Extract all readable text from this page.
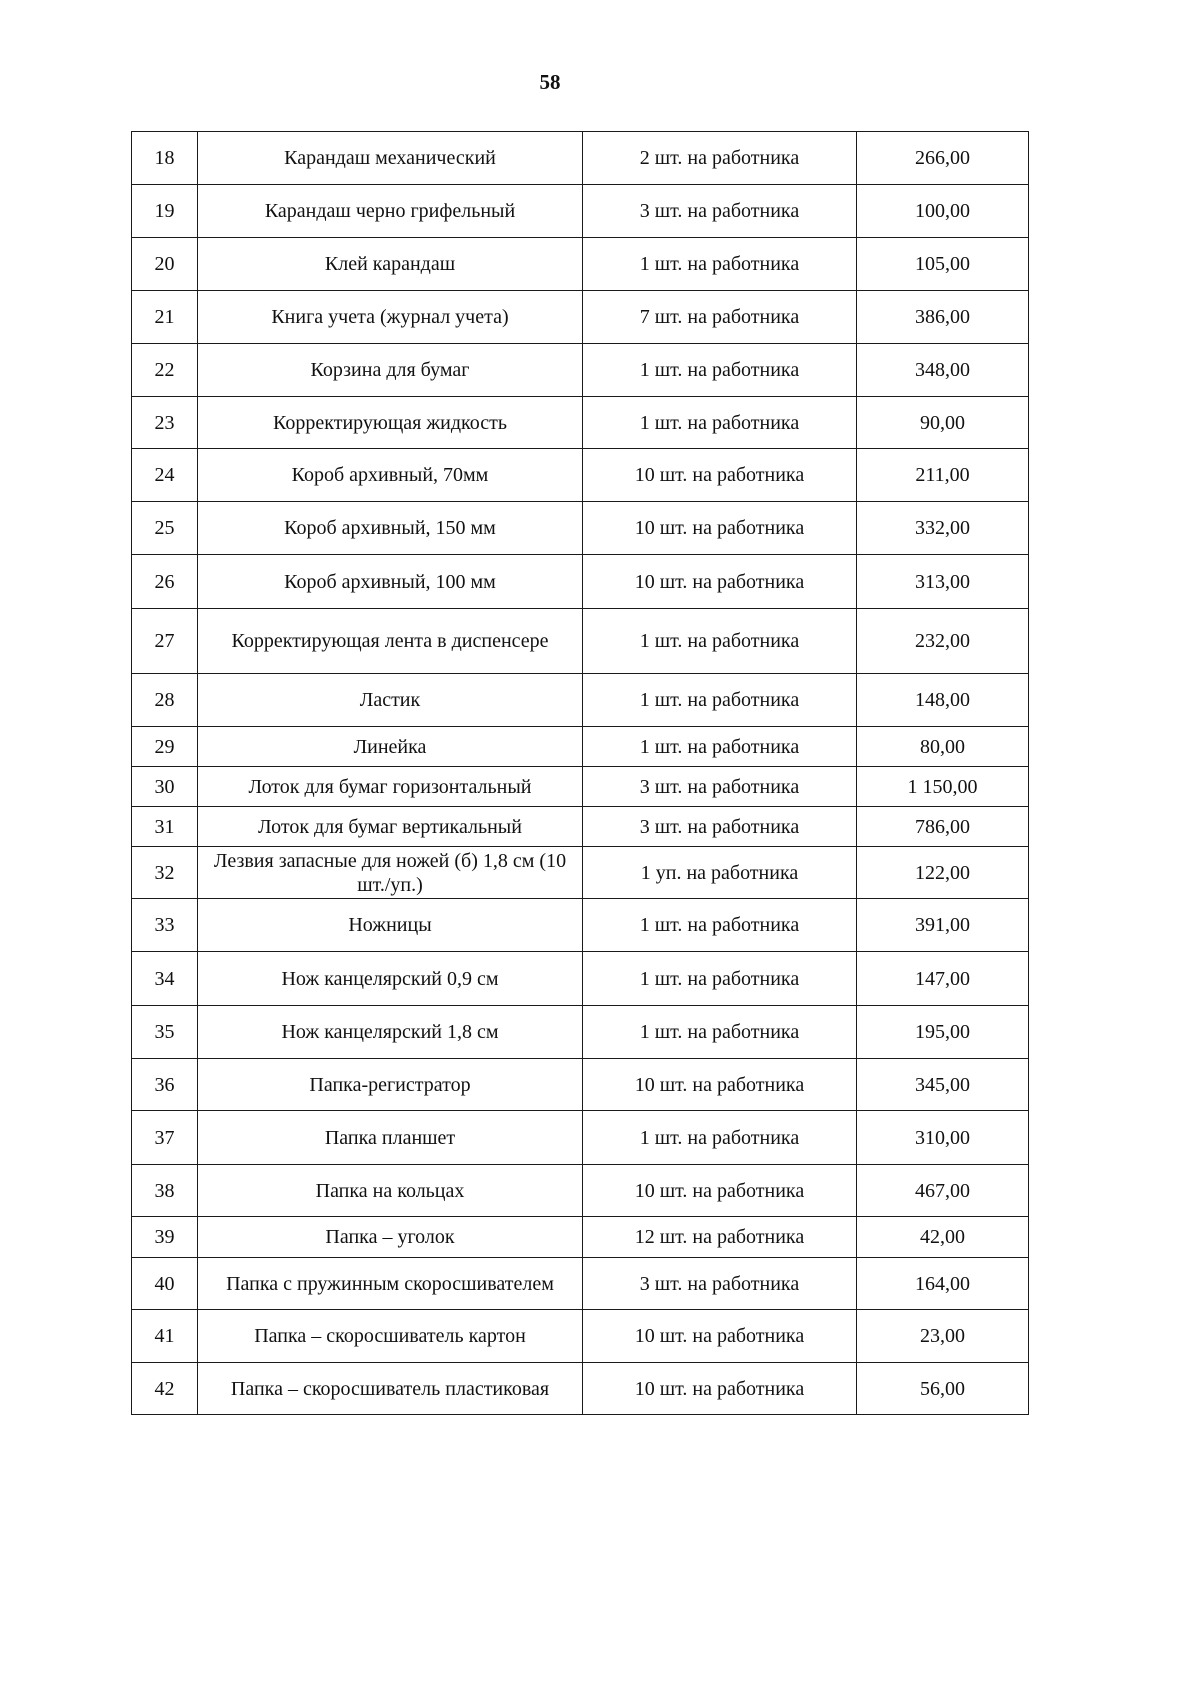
58
18	Карандаш механический	2 шт. на работника	266,00
19	Карандаш черно грифельный	3 шт. на работника	100,00
20	Клей карандаш	1 шт. на работника	105,00
21	Книга учета (журнал учета)	7 шт. на работника	386,00
22	Корзина для бумаг	1 шт. на работника	348,00
23	Корректирующая жидкость	1 шт. на работника	90,00
24	Короб архивный, 70мм	10 шт. на работника	211,00
25	Короб архивный, 150 мм	10 шт. на работника	332,00
26	Короб архивный, 100 мм	10 шт. на работника	313,00
27	Корректирующая лента в диспенсере	1 шт. на работника	232,00
28	Ластик	1 шт. на работника	148,00
29	Линейка	1 шт. на работника	80,00
30	Лоток для бумаг горизонтальный	3 шт. на работника	1 150,00
31	Лоток для бумаг вертикальный	3 шт. на работника	786,00
32	Лезвия запасные для ножей (б) 1,8 см (10 шт./уп.)	1 уп. на работника	122,00
33	Ножницы	1 шт. на работника	391,00
34	Нож канцелярский 0,9 см	1 шт. на работника	147,00
35	Нож канцелярский 1,8 см	1 шт. на работника	195,00
36	Папка-регистратор	10 шт. на работника	345,00
37	Папка планшет	1 шт. на работника	310,00
38	Папка на кольцах	10 шт. на работника	467,00
39	Папка – уголок	12 шт. на работника	42,00
40	Папка с пружинным скоросшивателем	3 шт. на работника	164,00
41	Папка – скоросшиватель картон	10 шт. на работника	23,00
42	Папка – скоросшиватель пластиковая	10 шт. на работника	56,00
